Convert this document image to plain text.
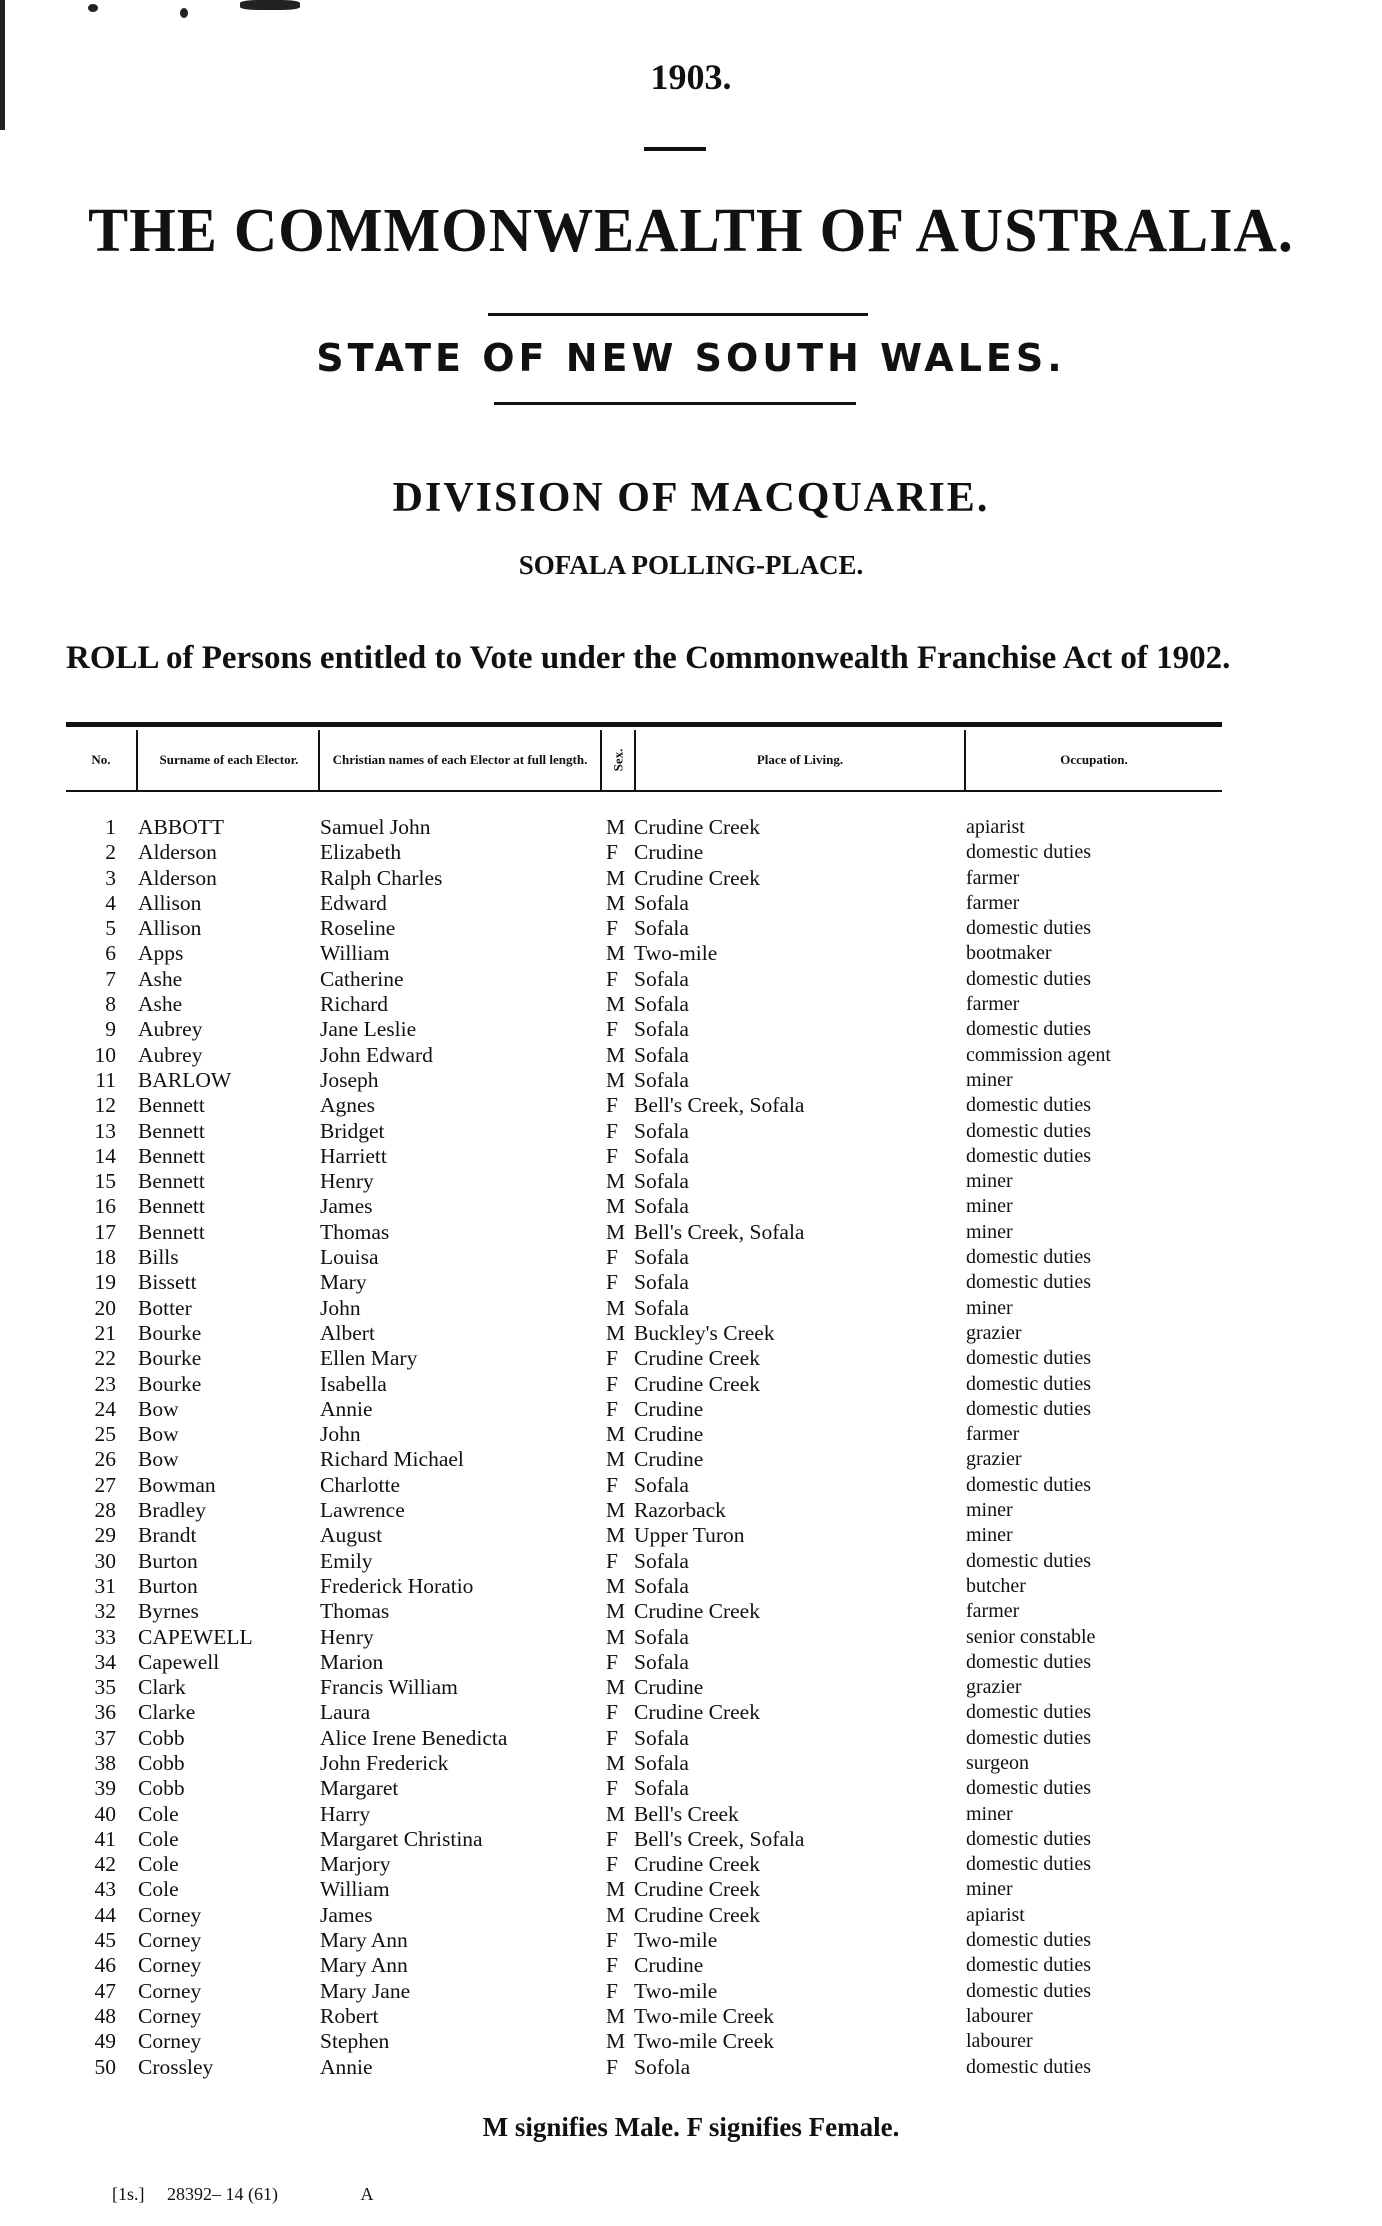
1903.
THE COMMONWEALTH OF AUSTRALIA.
STATE OF NEW SOUTH WALES.
DIVISION OF MACQUARIE.
SOFALA POLLING-PLACE.
ROLL of Persons entitled to Vote under the Commonwealth Franchise Act of 1902.
No.	Surname of each Elector.	Christian names of each Elector at full length.	Sex.	Place of Living.	Occupation.
1 ABBOTT	Samuel John	M Crudine Creek	apiarist
2 Alderson	Elizabeth	F Crudine	domestic duties
3 Alderson	Ralph Charles	M Crudine Creek	farmer
4 Allison	Edward	M Sofala	farmer
5 Allison	Roseline	F Sofala	domestic duties
6 Apps	William	M Two-mile	bootmaker
7 Ashe	Catherine	F Sofala	domestic duties
8 Ashe	Richard	M Sofala	farmer
9 Aubrey	Jane Leslie	F Sofala	domestic duties
10 Aubrey	John Edward	M Sofala	commission agent
11 BARLOW	Joseph	M Sofala	miner
12 Bennett	Agnes	F Bell's Creek, Sofala	domestic duties
13 Bennett	Bridget	F Sofala	domestic duties
14 Bennett	Harriett	F Sofala	domestic duties
15 Bennett	Henry	M Sofala	miner
16 Bennett	James	M Sofala	miner
17 Bennett	Thomas	M Bell's Creek, Sofala	miner
18 Bills	Louisa	F Sofala	domestic duties
19 Bissett	Mary	F Sofala	domestic duties
20 Botter	John	M Sofala	miner
21 Bourke	Albert	M Buckley's Creek	grazier
22 Bourke	Ellen Mary	F Crudine Creek	domestic duties
23 Bourke	Isabella	F Crudine Creek	domestic duties
24 Bow	Annie	F Crudine	domestic duties
25 Bow	John	M Crudine	farmer
26 Bow	Richard Michael	M Crudine	grazier
27 Bowman	Charlotte	F Sofala	domestic duties
28 Bradley	Lawrence	M Razorback	miner
29 Brandt	August	M Upper Turon	miner
30 Burton	Emily	F Sofala	domestic duties
31 Burton	Frederick Horatio	M Sofala	butcher
32 Byrnes	Thomas	M Crudine Creek	farmer
33 CAPEWELL	Henry	M Sofala	senior constable
34 Capewell	Marion	F Sofala	domestic duties
35 Clark	Francis William	M Crudine	grazier
36 Clarke	Laura	F Crudine Creek	domestic duties
37 Cobb	Alice Irene Benedicta	F Sofala	domestic duties
38 Cobb	John Frederick	M Sofala	surgeon
39 Cobb	Margaret	F Sofala	domestic duties
40 Cole	Harry	M Bell's Creek	miner
41 Cole	Margaret Christina	F Bell's Creek, Sofala	domestic duties
42 Cole	Marjory	F Crudine Creek	domestic duties
43 Cole	William	M Crudine Creek	miner
44 Corney	James	M Crudine Creek	apiarist
45 Corney	Mary Ann	F Two-mile	domestic duties
46 Corney	Mary Ann	F Crudine	domestic duties
47 Corney	Mary Jane	F Two-mile	domestic duties
48 Corney	Robert	M Two-mile Creek	labourer
49 Corney	Stephen	M Two-mile Creek	labourer
50 Crossley	Annie	F Sofola	domestic duties
M signifies Male. F signifies Female.
[1s.] 28392– 14 (61)	A
